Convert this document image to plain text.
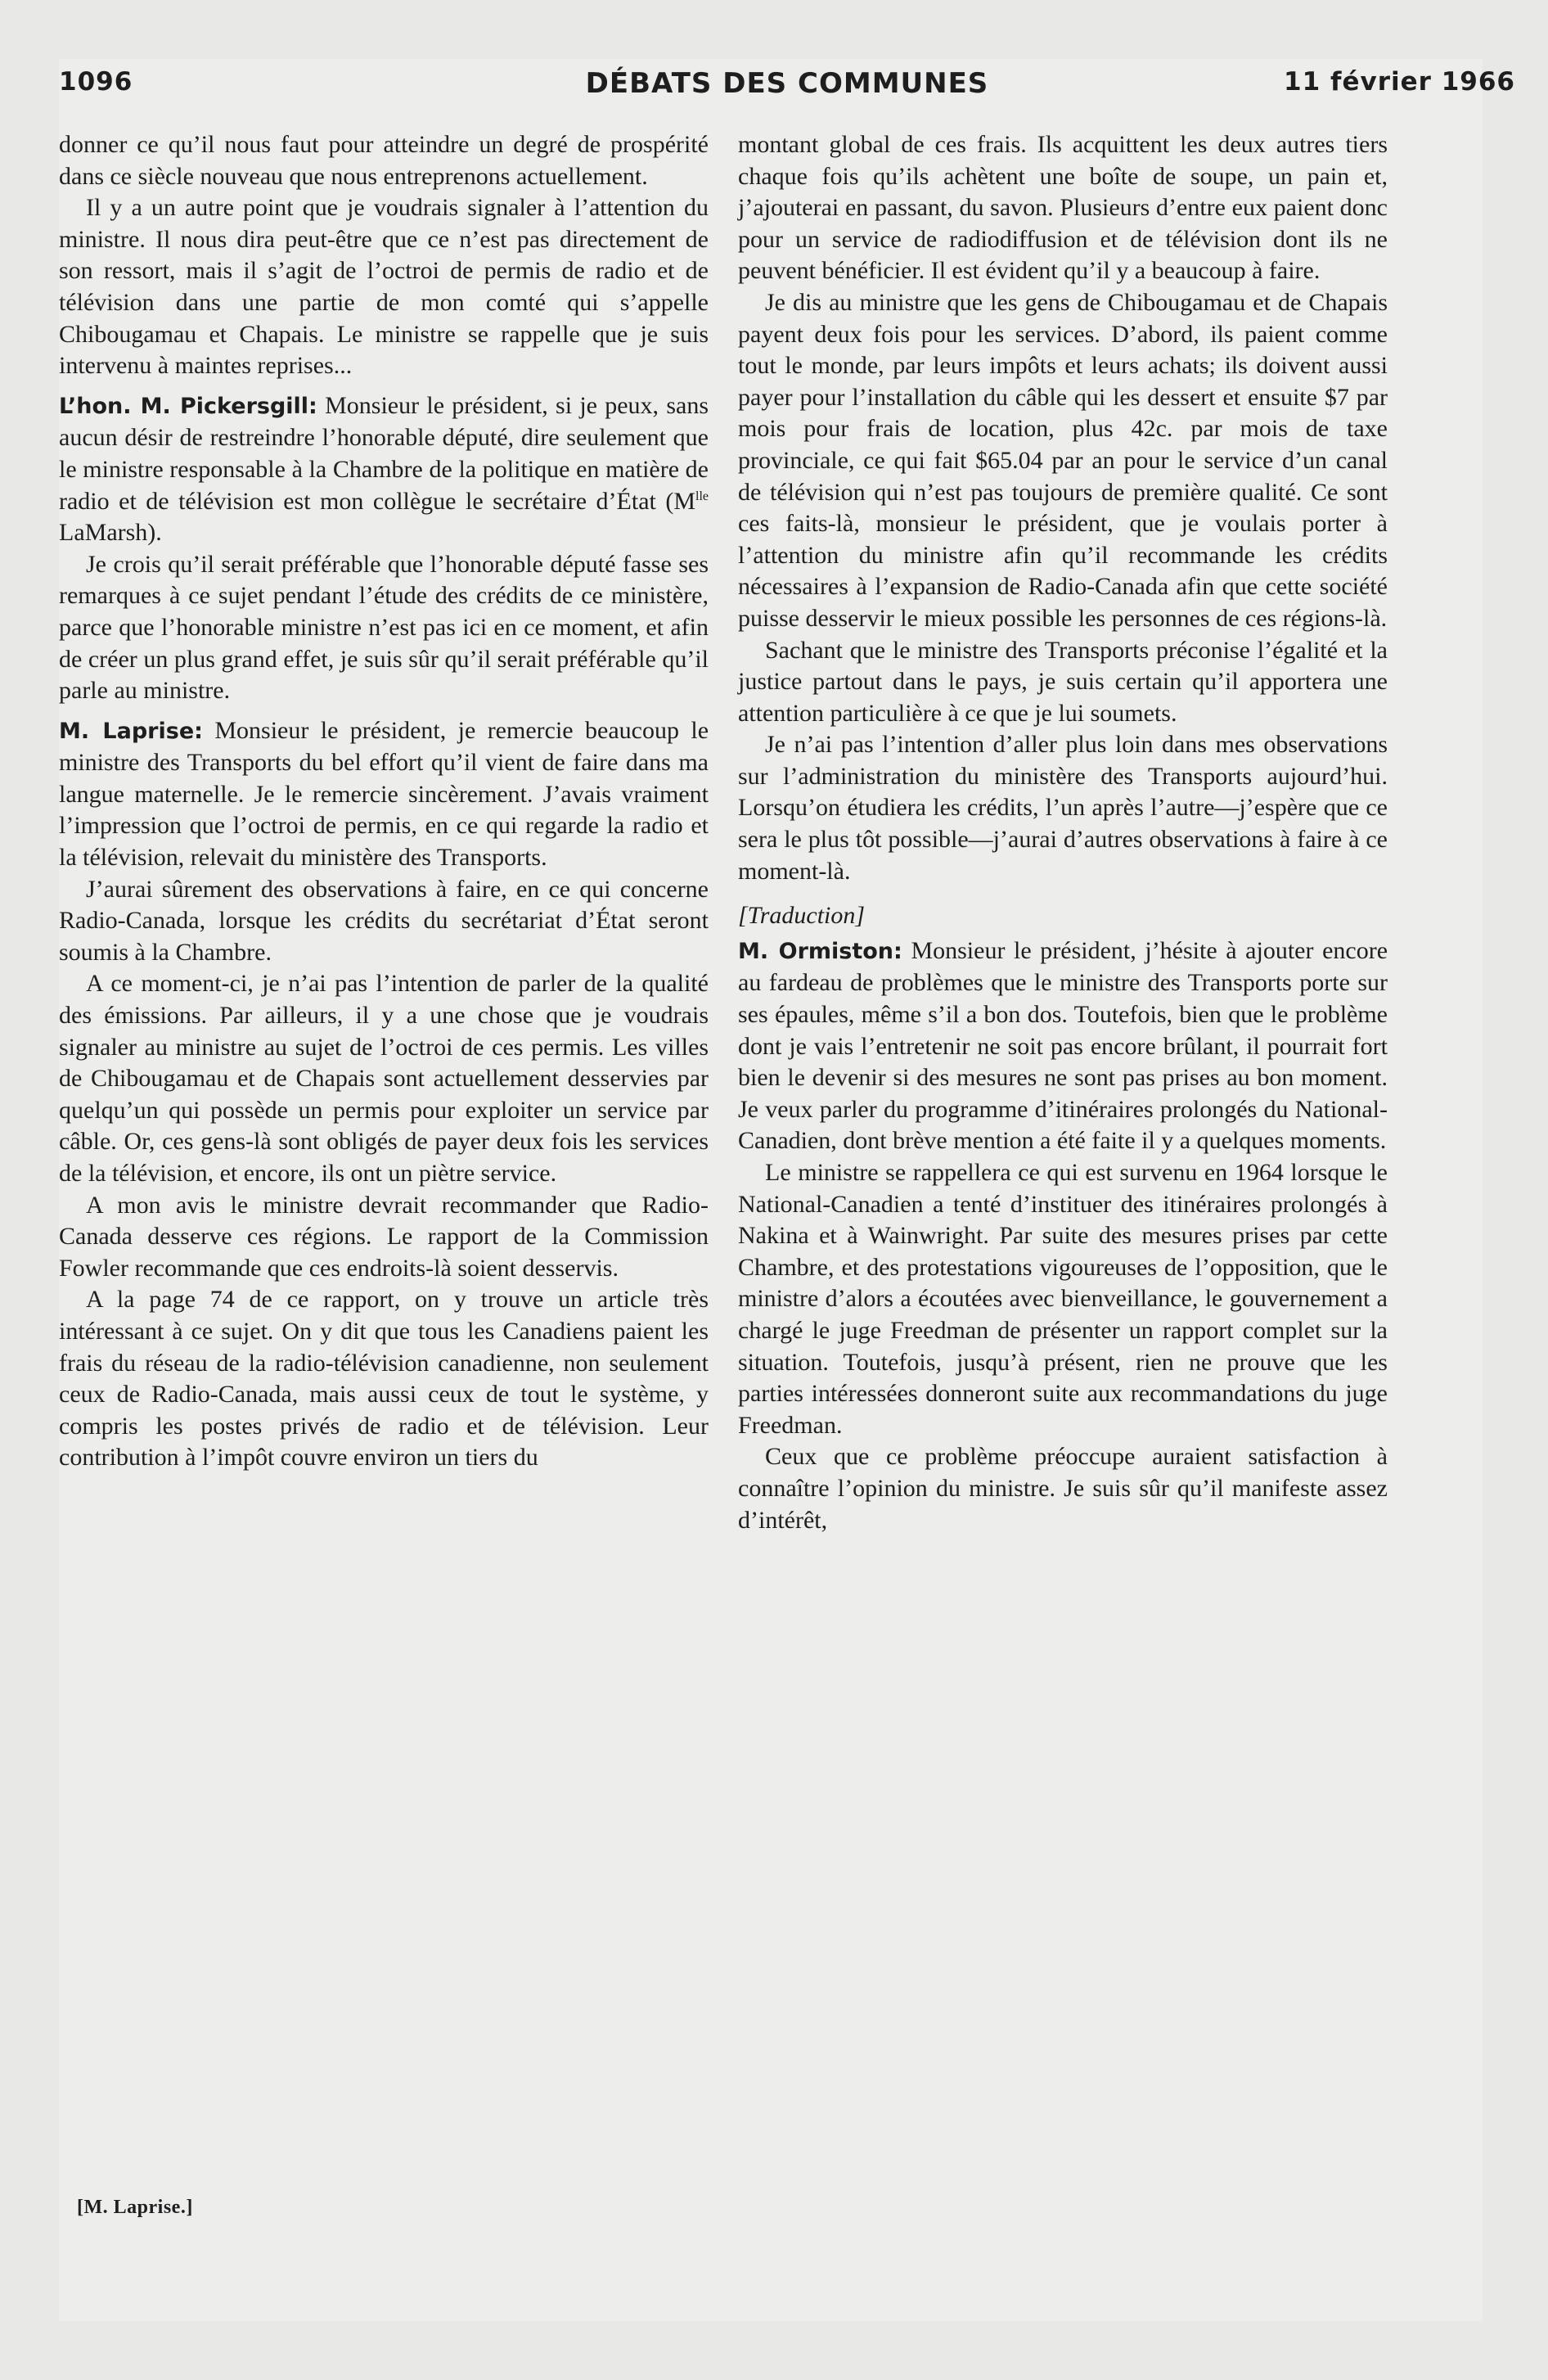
1096	DÉBATS DES COMMUNES	11 février 1966

donner ce qu’il nous faut pour atteindre un degré de prospérité dans ce siècle nouveau que nous entreprenons actuellement.

Il y a un autre point que je voudrais signaler à l’attention du ministre. Il nous dira peut-être que ce n’est pas directement de son ressort, mais il s’agit de l’octroi de permis de radio et de télévision dans une partie de mon comté qui s’appelle Chibougamau et Chapais. Le ministre se rappelle que je suis intervenu à maintes reprises...

L’hon. M. Pickersgill: Monsieur le président, si je peux, sans aucun désir de restreindre l’honorable député, dire seulement que le ministre responsable à la Chambre de la politique en matière de radio et de télévision est mon collègue le secrétaire d’État ($M^{lle}$ LaMarsh).

Je crois qu’il serait préférable que l’honorable député fasse ses remarques à ce sujet pendant l’étude des crédits de ce ministère, parce que l’honorable ministre n’est pas ici en ce moment, et afin de créer un plus grand effet, je suis sûr qu’il serait préférable qu’il parle au ministre.

M. Laprise: Monsieur le président, je remercie beaucoup le ministre des Transports du bel effort qu’il vient de faire dans ma langue maternelle. Je le remercie sincèrement. J’avais vraiment l’impression que l’octroi de permis, en ce qui regarde la radio et la télévision, relevait du ministère des Transports.

J’aurai sûrement des observations à faire, en ce qui concerne Radio-Canada, lorsque les crédits du secrétariat d’État seront soumis à la Chambre.

A ce moment-ci, je n’ai pas l’intention de parler de la qualité des émissions. Par ailleurs, il y a une chose que je voudrais signaler au ministre au sujet de l’octroi de ces permis. Les villes de Chibougamau et de Chapais sont actuellement desservies par quelqu’un qui possède un permis pour exploiter un service par câble. Or, ces gens-là sont obligés de payer deux fois les services de la télévision, et encore, ils ont un piètre service.

A mon avis le ministre devrait recommander que Radio-Canada desserve ces régions. Le rapport de la Commission Fowler recommande que ces endroits-là soient desservis.

A la page 74 de ce rapport, on y trouve un article très intéressant à ce sujet. On y dit que tous les Canadiens paient les frais du réseau de la radio-télévision canadienne, non seulement ceux de Radio-Canada, mais aussi ceux de tout le système, y compris les postes privés de radio et de télévision. Leur contribution à l’impôt couvre environ un tiers du

montant global de ces frais. Ils acquittent les deux autres tiers chaque fois qu’ils achètent une boîte de soupe, un pain et, j’ajouterai en passant, du savon. Plusieurs d’entre eux paient donc pour un service de radiodiffusion et de télévision dont ils ne peuvent bénéficier. Il est évident qu’il y a beaucoup à faire.

Je dis au ministre que les gens de Chibougamau et de Chapais payent deux fois pour les services. D’abord, ils paient comme tout le monde, par leurs impôts et leurs achats; ils doivent aussi payer pour l’installation du câble qui les dessert et ensuite $7 par mois pour frais de location, plus 42c. par mois de taxe provinciale, ce qui fait $65.04 par an pour le service d’un canal de télévision qui n’est pas toujours de première qualité. Ce sont ces faits-là, monsieur le président, que je voulais porter à l’attention du ministre afin qu’il recommande les crédits nécessaires à l’expansion de Radio-Canada afin que cette société puisse desservir le mieux possible les personnes de ces régions-là.

Sachant que le ministre des Transports préconise l’égalité et la justice partout dans le pays, je suis certain qu’il apportera une attention particulière à ce que je lui soumets.

Je n’ai pas l’intention d’aller plus loin dans mes observations sur l’administration du ministère des Transports aujourd’hui. Lorsqu’on étudiera les crédits, l’un après l’autre—j’espère que ce sera le plus tôt possible—j’aurai d’autres observations à faire à ce moment-là.

[Traduction]

M. Ormiston: Monsieur le président, j’hésite à ajouter encore au fardeau de problèmes que le ministre des Transports porte sur ses épaules, même s’il a bon dos. Toutefois, bien que le problème dont je vais l’entretenir ne soit pas encore brûlant, il pourrait fort bien le devenir si des mesures ne sont pas prises au bon moment. Je veux parler du programme d’itinéraires prolongés du National-Canadien, dont brève mention a été faite il y a quelques moments.

Le ministre se rappellera ce qui est survenu en 1964 lorsque le National-Canadien a tenté d’instituer des itinéraires prolongés à Nakina et à Wainwright. Par suite des mesures prises par cette Chambre, et des protestations vigoureuses de l’opposition, que le ministre d’alors a écoutées avec bienveillance, le gouvernement a chargé le juge Freedman de présenter un rapport complet sur la situation. Toutefois, jusqu’à présent, rien ne prouve que les parties intéressées donneront suite aux recommandations du juge Freedman.

Ceux que ce problème préoccupe auraient satisfaction à connaître l’opinion du ministre. Je suis sûr qu’il manifeste assez d’intérêt,

[M. Laprise.]
